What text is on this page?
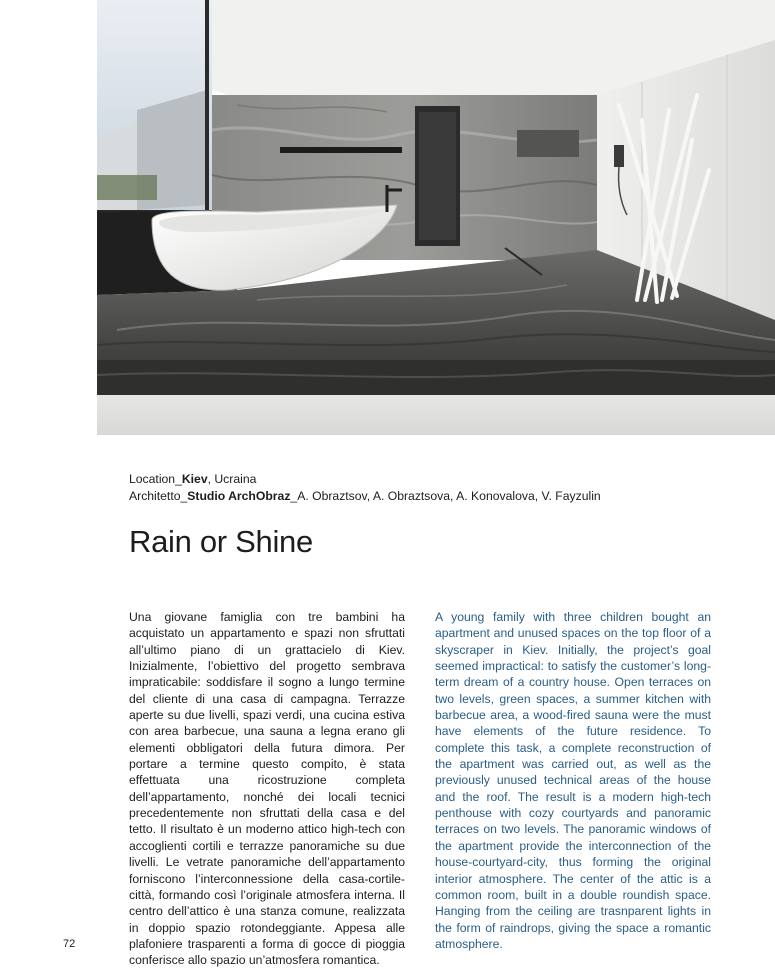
Location_Kiev, Ucraina
Architetto_Studio ArchObraz_A. Obraztsov, A. Obraztsova, A. Konovalova, V. Fayzulin
Rain or Shine

Una giovane famiglia con tre bambini ha acquistato un appartamento e spazi non sfruttati all’ultimo piano di un grattacielo di Kiev. Inizialmente, l’obiettivo del progetto sembrava impraticabile: soddisfare il sogno a lungo termine del cliente di una casa di campagna. Terrazze aperte su due livelli, spazi verdi, una cucina estiva con area barbecue, una sauna a legna erano gli elementi obbligatori della futura dimora. Per portare a termine questo compito, è stata effettuata una ricostruzione completa dell’appartamento, nonché dei locali tecnici precedentemente non sfruttati della casa e del tetto. Il risultato è un moderno attico high-tech con accoglienti cortili e terrazze panoramiche su due livelli. Le vetrate panoramiche dell’appartamento forniscono l’interconnessione della casa-cortile-città, formando così l’originale atmosfera interna. Il centro dell’attico è una stanza comune, realizzata in doppio spazio rotondeggiante. Appesa alle plafoniere trasparenti a forma di gocce di pioggia conferisce allo spazio un’atmosfera romantica.

A young family with three children bought an apartment and unused spaces on the top floor of a skyscraper in Kiev. Initially, the project’s goal seemed impractical: to satisfy the customer’s long-term dream of a country house. Open terraces on two levels, green spaces, a summer kitchen with barbecue area, a wood-fired sauna were the must have elements of the future residence. To complete this task, a complete reconstruction of the apartment was carried out, as well as the previously unused technical areas of the house and the roof. The result is a modern high-tech penthouse with cozy courtyards and panoramic terraces on two levels. The panoramic windows of the apartment provide the interconnection of the house-courtyard-city, thus forming the original interior atmosphere. The center of the attic is a common room, built in a double roundish space. Hanging from the ceiling are trasnparent lights in the form of raindrops, giving the space a romantic atmosphere.

72
